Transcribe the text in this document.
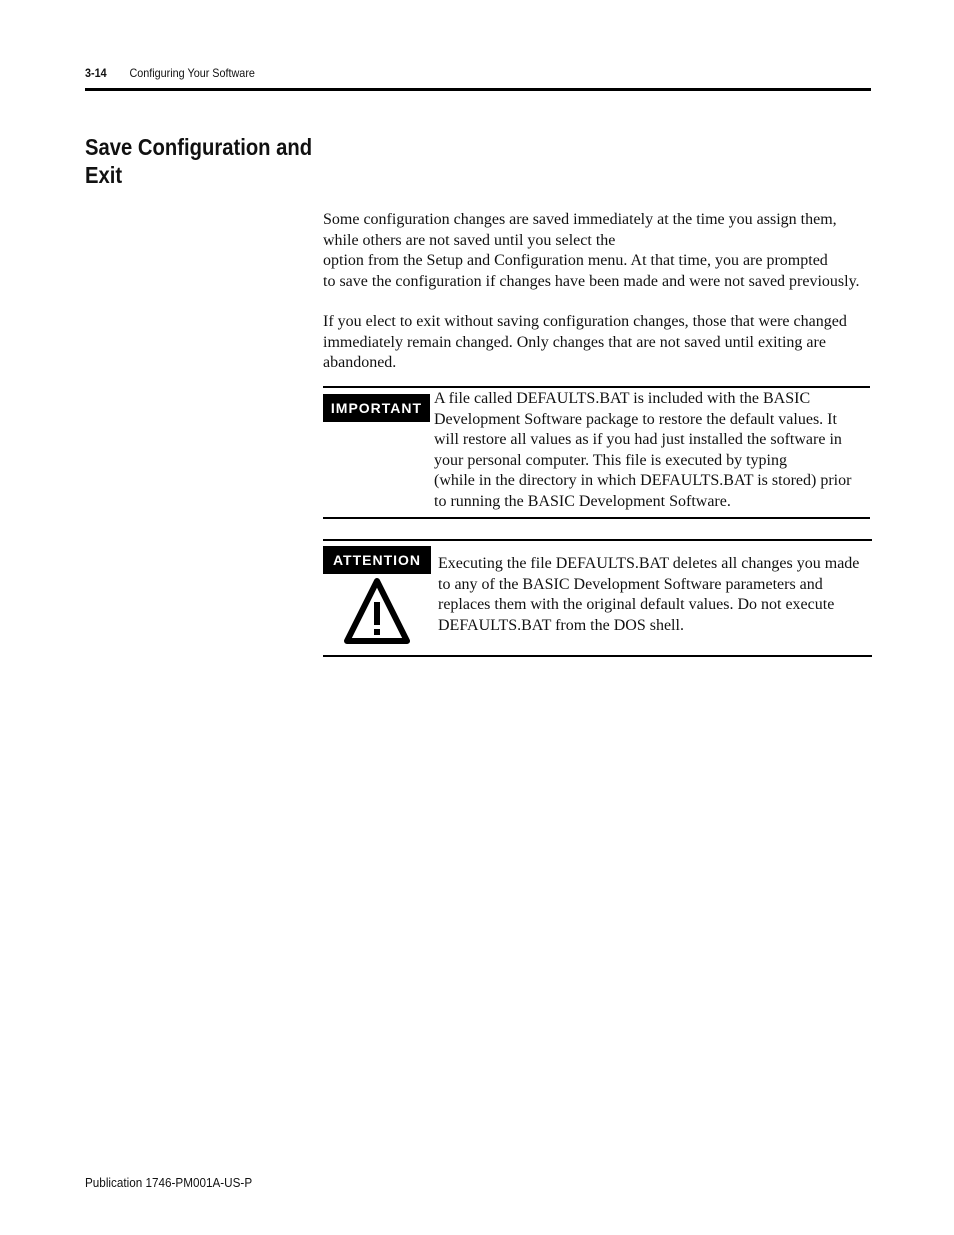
3-14 Configuring Your Software
Save Configuration and
Exit

Some configuration changes are saved immediately at the time you assign them,
while others are not saved until you select the
option from the Setup and Configuration menu. At that time, you are prompted
to save the configuration if changes have been made and were not saved previously.

If you elect to exit without saving configuration changes, those that were changed
immediately remain changed. Only changes that are not saved until exiting are
abandoned.

IMPORTANT

A file called DEFAULTS.BAT is included with the BASIC
Development Software package to restore the default values. It
will restore all values as if you had just installed the software in
your personal computer. This file is executed by typing
(while in the directory in which DEFAULTS.BAT is stored) prior
to running the BASIC Development Software.

ATTENTION	Executing the file DEFAULTS.BAT deletes all changes you made
to any of the BASIC Development Software parameters and
replaces them with the original default values. Do not execute
DEFAULTS.BAT from the DOS shell.

Publication 1746-PM001A-US-P
